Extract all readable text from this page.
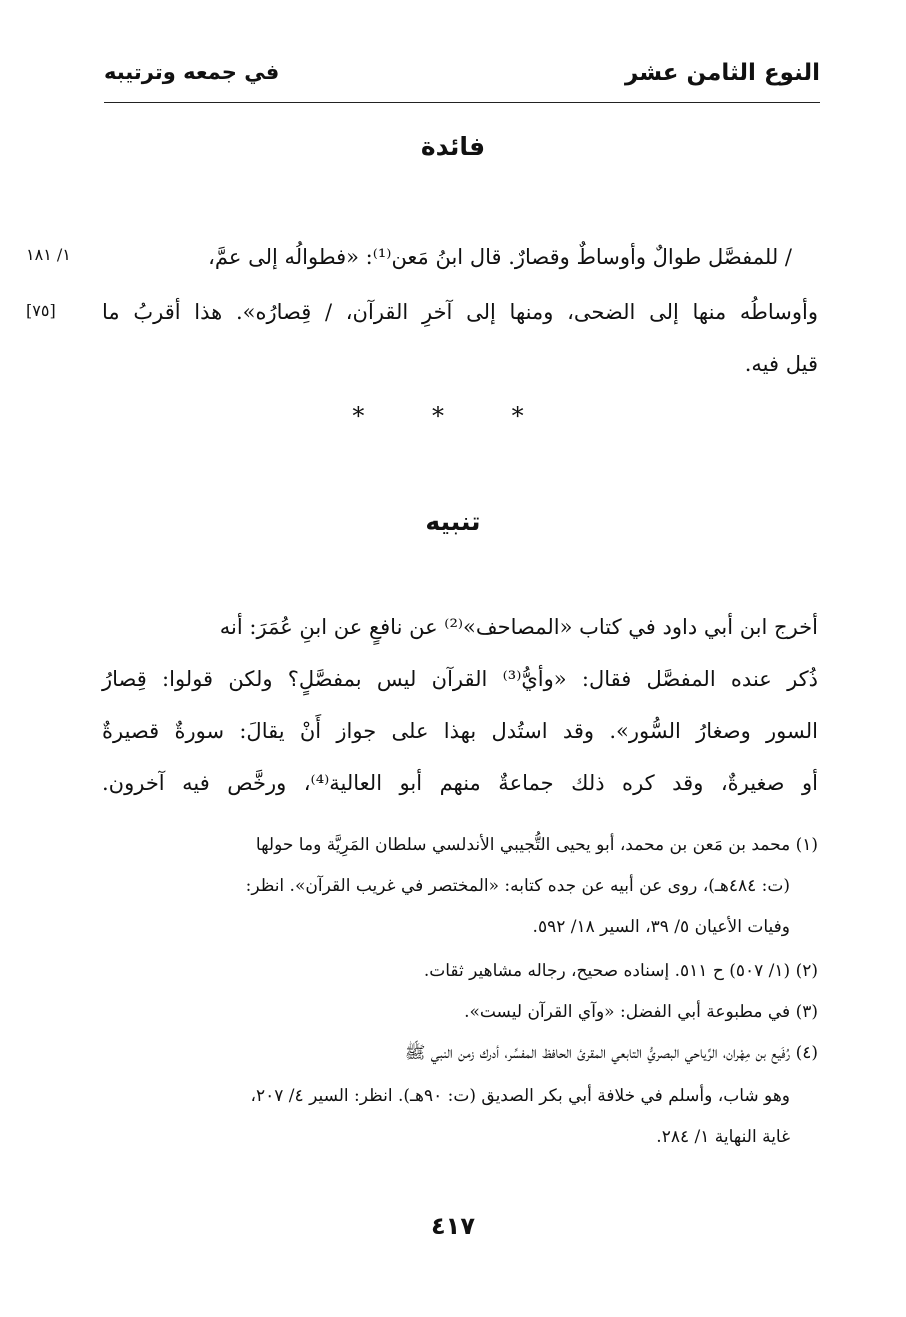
النوع الثامن عشر
في جمعه وترتيبه
فائدة
١/ ١٨١
[٧٥]
/ للمفصَّل طوالٌ وأوساطٌ وقصارٌ. قال ابنُ مَعن⁽¹⁾: «فطوالُه إلى عمَّ،
وأوساطُه منها إلى الضحى، ومنها إلى آخرِ القرآن، / قِصارُه». هذا أقربُ ما
قيل فيه.
* * *
تنبيه
أخرج ابن أبي داود في كتاب «المصاحف»⁽²⁾ عن نافعٍ عن ابنِ عُمَرَ: أنه
ذُكر عنده المفصَّل فقال: «وأيُّ⁽³⁾ القرآن ليس بمفصَّلٍ؟ ولكن قولوا: قِصارُ
السور وصغارُ السُّور». وقد استُدل بهذا على جواز أَنْ يقالَ: سورةٌ قصيرةٌ
أو صغيرةٌ، وقد كره ذلك جماعةٌ منهم أبو العالية⁽⁴⁾، ورخَّص فيه آخرون.
(١) محمد بن مَعن بن محمد، أبو يحيى التُّجيبي الأندلسي سلطان المَرِيَّة وما حولها
(ت: ٤٨٤هـ)، روى عن أبيه عن جده كتابه: «المختصر في غريب القرآن». انظر:
وفيات الأعيان ٥/ ٣٩، السير ١٨/ ٥٩٢.
(٢) (١/ ٥٠٧) ح ٥١١. إسناده صحيح، رجاله مشاهير ثقات.
(٣) في مطبوعة أبي الفضل: «وآي القرآن ليست».
(٤) رُفَيع بن مِهْران، الرِّياحي البصريُّ التابعي المقرئ الحافظ المفسِّر، أدرك زمن النبي ﷺ
وهو شاب، وأسلم في خلافة أبي بكر الصديق (ت: ٩٠هـ). انظر: السير ٤/ ٢٠٧،
غاية النهاية ١/ ٢٨٤.
٤١٧
